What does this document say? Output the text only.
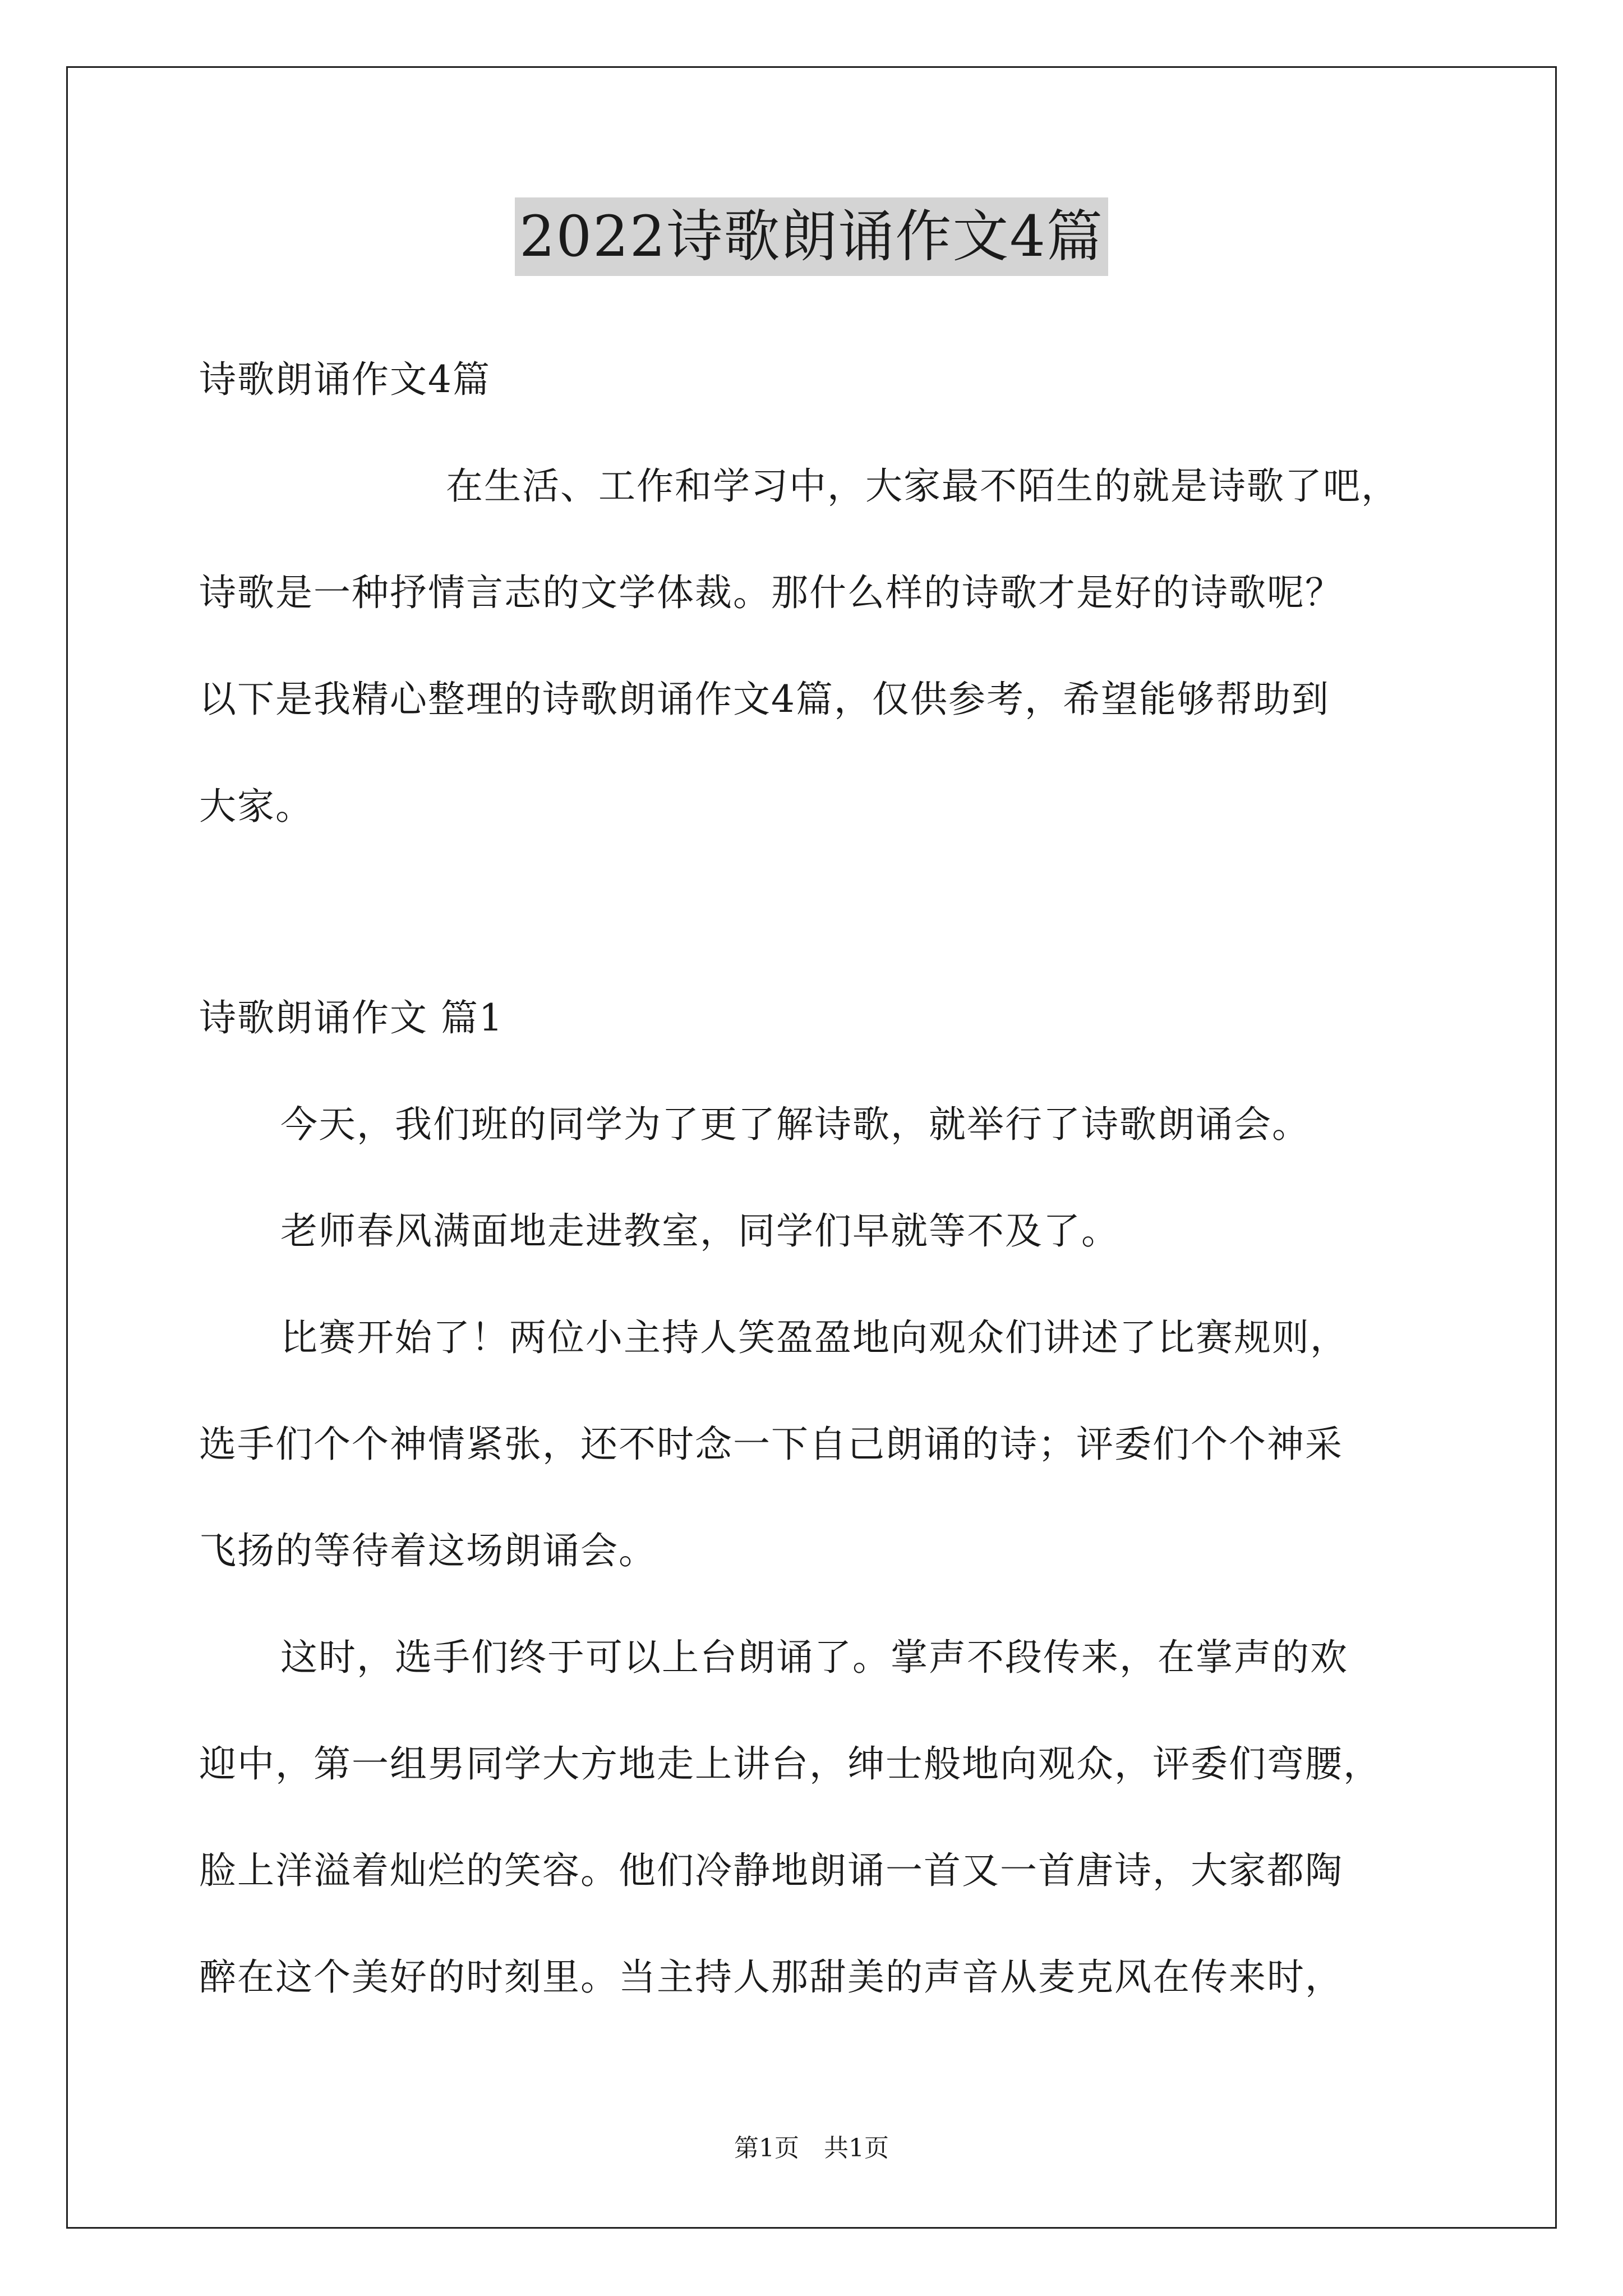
2022诗歌朗诵作文4篇
诗歌朗诵作文4篇
在生活、工作和学习中，大家最不陌生的就是诗歌了吧，
诗歌是一种抒情言志的文学体裁。那什么样的诗歌才是好的诗歌呢？
以下是我精心整理的诗歌朗诵作文4篇，仅供参考，希望能够帮助到
大家。
诗歌朗诵作文 篇1
今天，我们班的同学为了更了解诗歌，就举行了诗歌朗诵会。
老师春风满面地走进教室，同学们早就等不及了。
比赛开始了！两位小主持人笑盈盈地向观众们讲述了比赛规则，
选手们个个神情紧张，还不时念一下自己朗诵的诗；评委们个个神采
飞扬的等待着这场朗诵会。
这时，选手们终于可以上台朗诵了。掌声不段传来，在掌声的欢
迎中，第一组男同学大方地走上讲台，绅士般地向观众，评委们弯腰，
脸上洋溢着灿烂的笑容。他们冷静地朗诵一首又一首唐诗，大家都陶
醉在这个美好的时刻里。当主持人那甜美的声音从麦克风在传来时，
第1页　共1页
